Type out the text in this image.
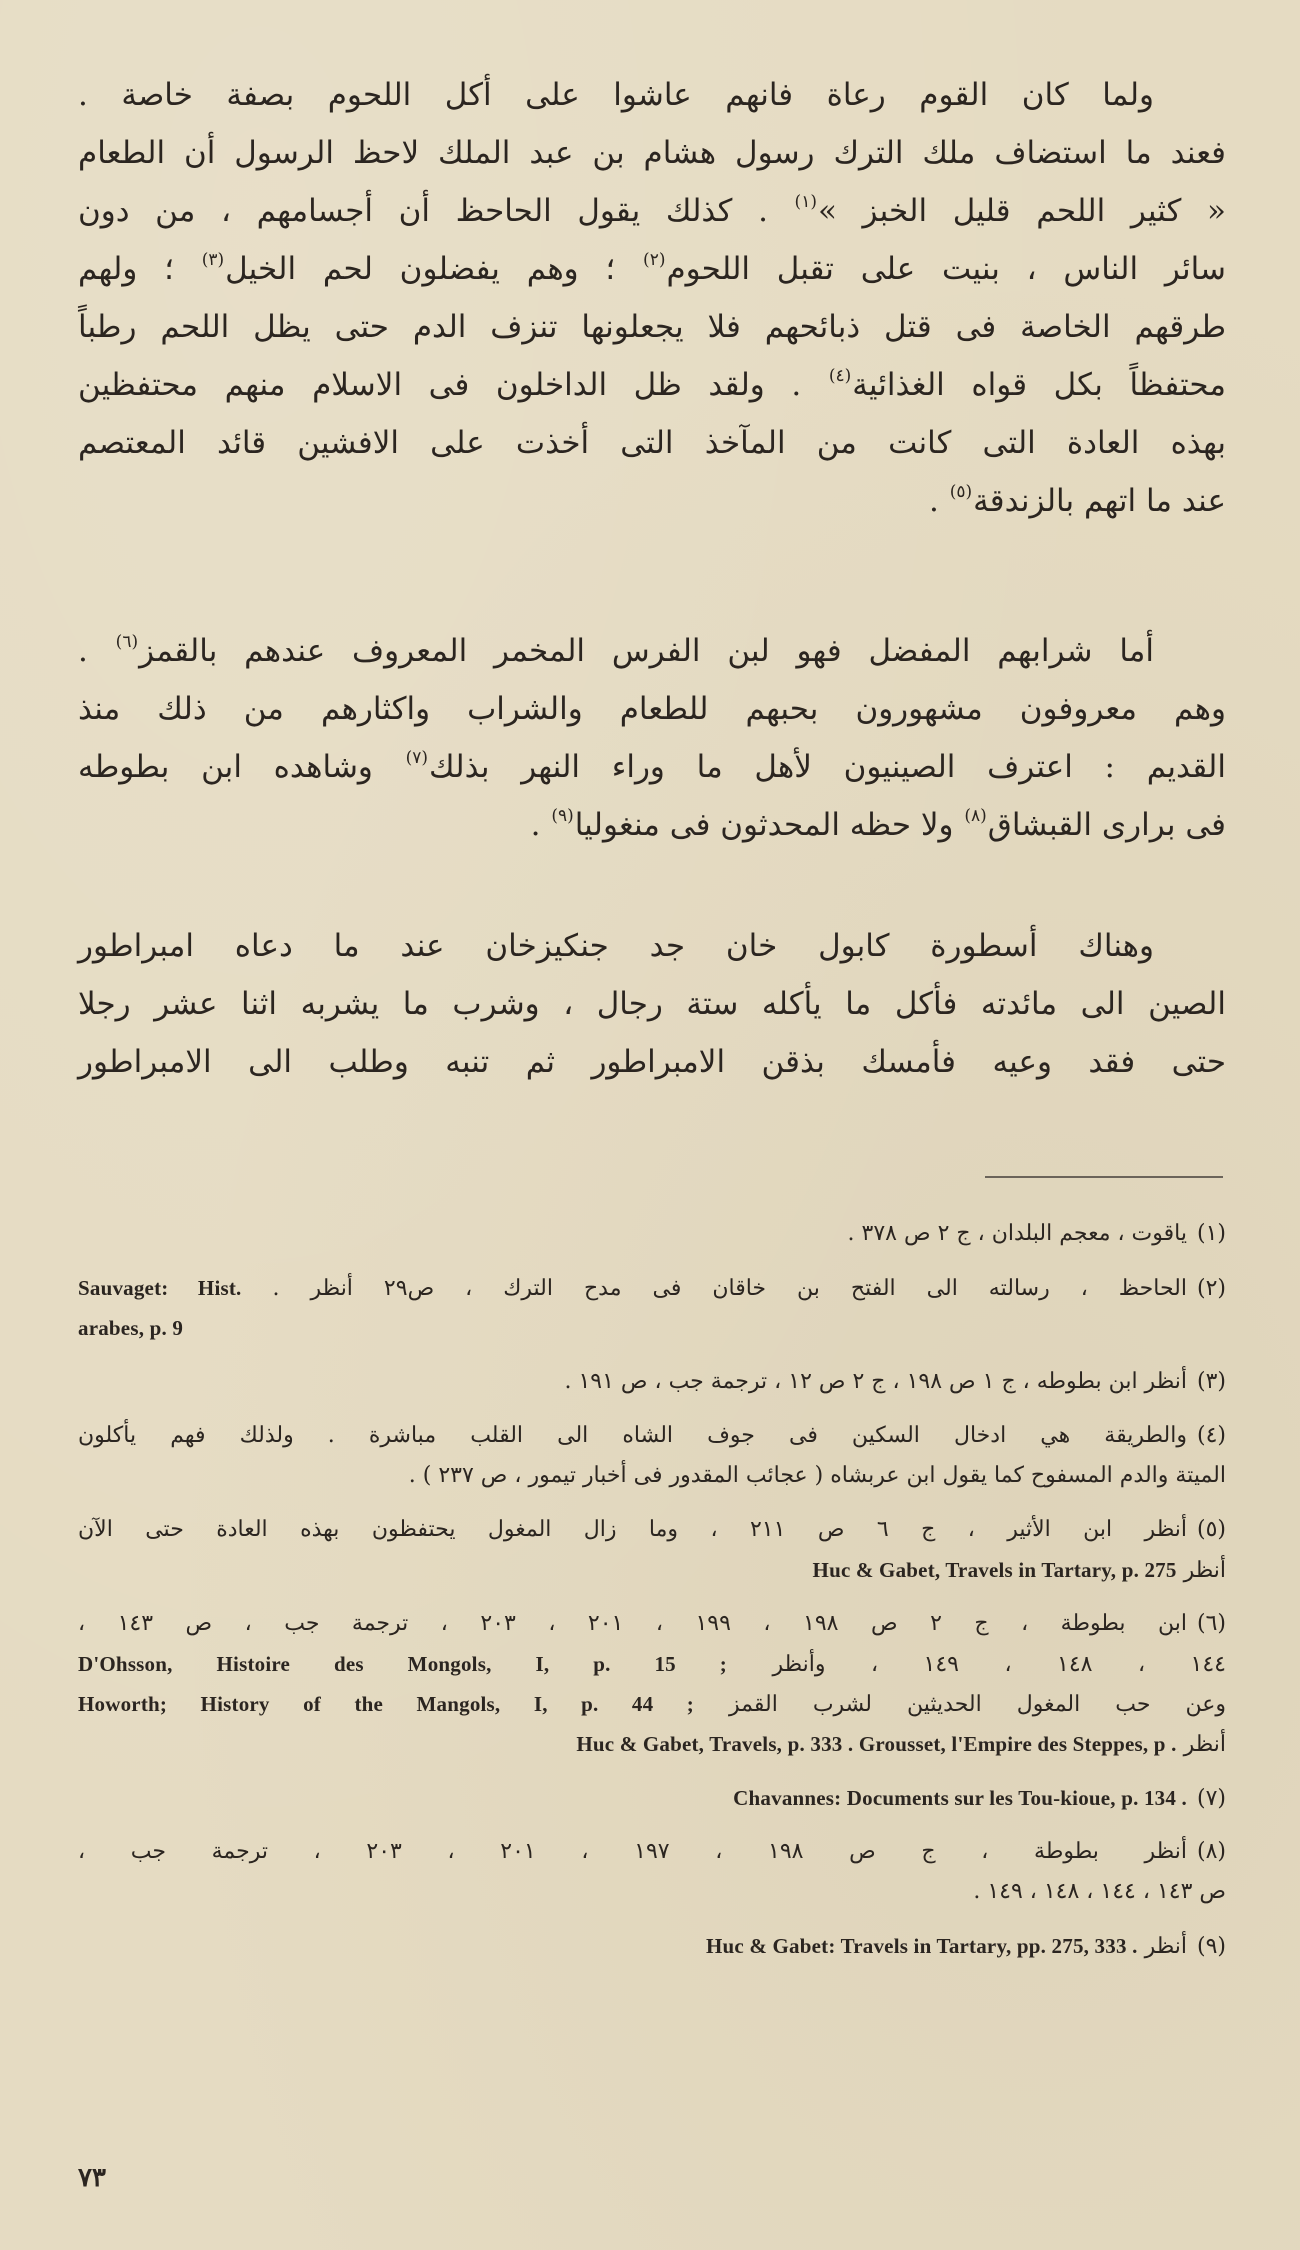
ولما كان القوم رعاة فانهم عاشوا على أكل اللحوم بصفة خاصة .
فعند ما استضاف ملك الترك رسول هشام بن عبد الملك لاحظ الرسول أن الطعام
« كثير اللحم قليل الخبز »$^{(١)}$ . كذلك يقول الحاحظ أن أجسامهم ، من دون
سائر الناس ، بنيت على تقبل اللحوم$^{(٢)}$ ؛ وهم يفضلون لحم الخيل$^{(٣)}$ ؛ ولهم
طرقهم الخاصة فى قتل ذبائحهم فلا يجعلونها تنزف الدم حتى يظل اللحم رطباً
محتفظاً بكل قواه الغذائية$^{(٤)}$ . ولقد ظل الداخلون فى الاسلام منهم محتفظين
بهذه العادة التى كانت من المآخذ التى أخذت على الافشين قائد المعتصم
عند ما اتهم بالزندقة$^{(٥)}$ .
أما شرابهم المفضل فهو لبن الفرس المخمر المعروف عندهم بالقمز$^{(٦)}$ .
وهم معروفون مشهورون بحبهم للطعام والشراب واكثارهم من ذلك منذ
القديم : اعترف الصينيون لأهل ما وراء النهر بذلك$^{(٧)}$ وشاهده ابن بطوطه
فى برارى القبشاق$^{(٨)}$ ولا حظه المحدثون فى منغوليا$^{(٩)}$ .
وهناك أسطورة كابول خان جد جنكيزخان عند ما دعاه امبراطور
الصين الى مائدته فأكل ما يأكله ستة رجال ، وشرب ما يشربه اثنا عشر رجلا
حتى فقد وعيه فأمسك بذقن الامبراطور ثم تنبه وطلب الى الامبراطور
(١)ياقوت ، معجم البلدان ، ج ٢ ص ٣٧٨ .
(٢)الحاحظ ، رسالته الى الفتح بن خاقان فى مدح الترك ، ص٢٩ أنظر . Sauvaget: Hist.
arabes, p. 9
(٣)أنظر ابن بطوطه ، ج ١ ص ١٩٨ ، ج ٢ ص ١٢ ، ترجمة جب ، ص ١٩١ .
(٤)والطريقة هي ادخال السكين فى جوف الشاه الى القلب مباشرة . ولذلك فهم يأكلون
الميتة والدم المسفوح كما يقول ابن عربشاه ( عجائب المقدور فى أخبار تيمور ، ص ٢٣٧ ) .
(٥)أنظر ابن الأثير ، ج ٦ ص ٢١١ ، وما زال المغول يحتفظون بهذه العادة حتى الآن
أنظر Huc & Gabet, Travels in Tartary, p. 275
(٦)ابن بطوطة ، ج ٢ ص ١٩٨ ، ١٩٩ ، ٢٠١ ، ٢٠٣ ، ترجمة جب ، ص ١٤٣ ،
١٤٤ ، ١٤٨ ، ١٤٩ ، وأنظر D'Ohsson, Histoire des Mongols, I, p. 15 ;
وعن حب المغول الحديثين لشرب القمز Howorth; History of the Mangols, I, p. 44 ;
أنظر Huc & Gabet, Travels, p. 333 . Grousset, l'Empire des Steppes, p .
(٧)Chavannes: Documents sur les Tou-kioue, p. 134 .
(٨)أنظر بطوطة ، ج ص ١٩٨ ، ١٩٧ ، ٢٠١ ، ٢٠٣ ، ترجمة جب ،
ص ١٤٣ ، ١٤٤ ، ١٤٨ ، ١٤٩ .
(٩)أنظر Huc & Gabet: Travels in Tartary, pp. 275, 333 .
٧٣
